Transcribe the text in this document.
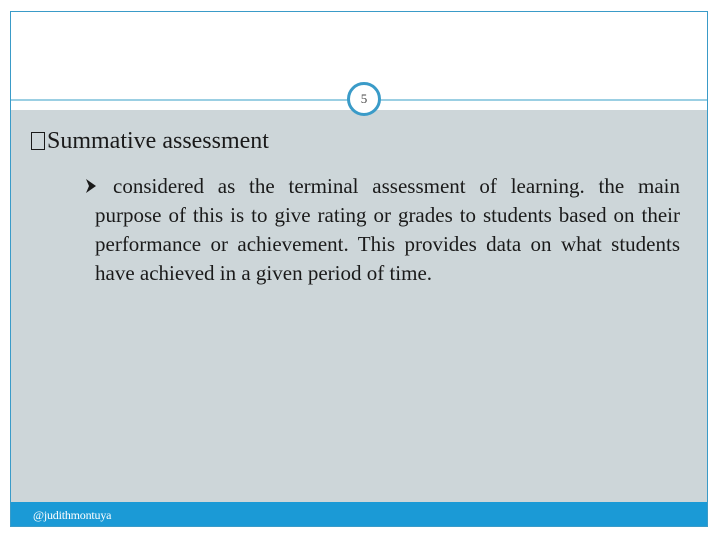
5
Summative assessment
considered as the terminal assessment of learning. the main purpose of this is to give rating or grades to students based on their performance or achievement. This provides data on what students have achieved in a given period of time.
@judithmontuya
